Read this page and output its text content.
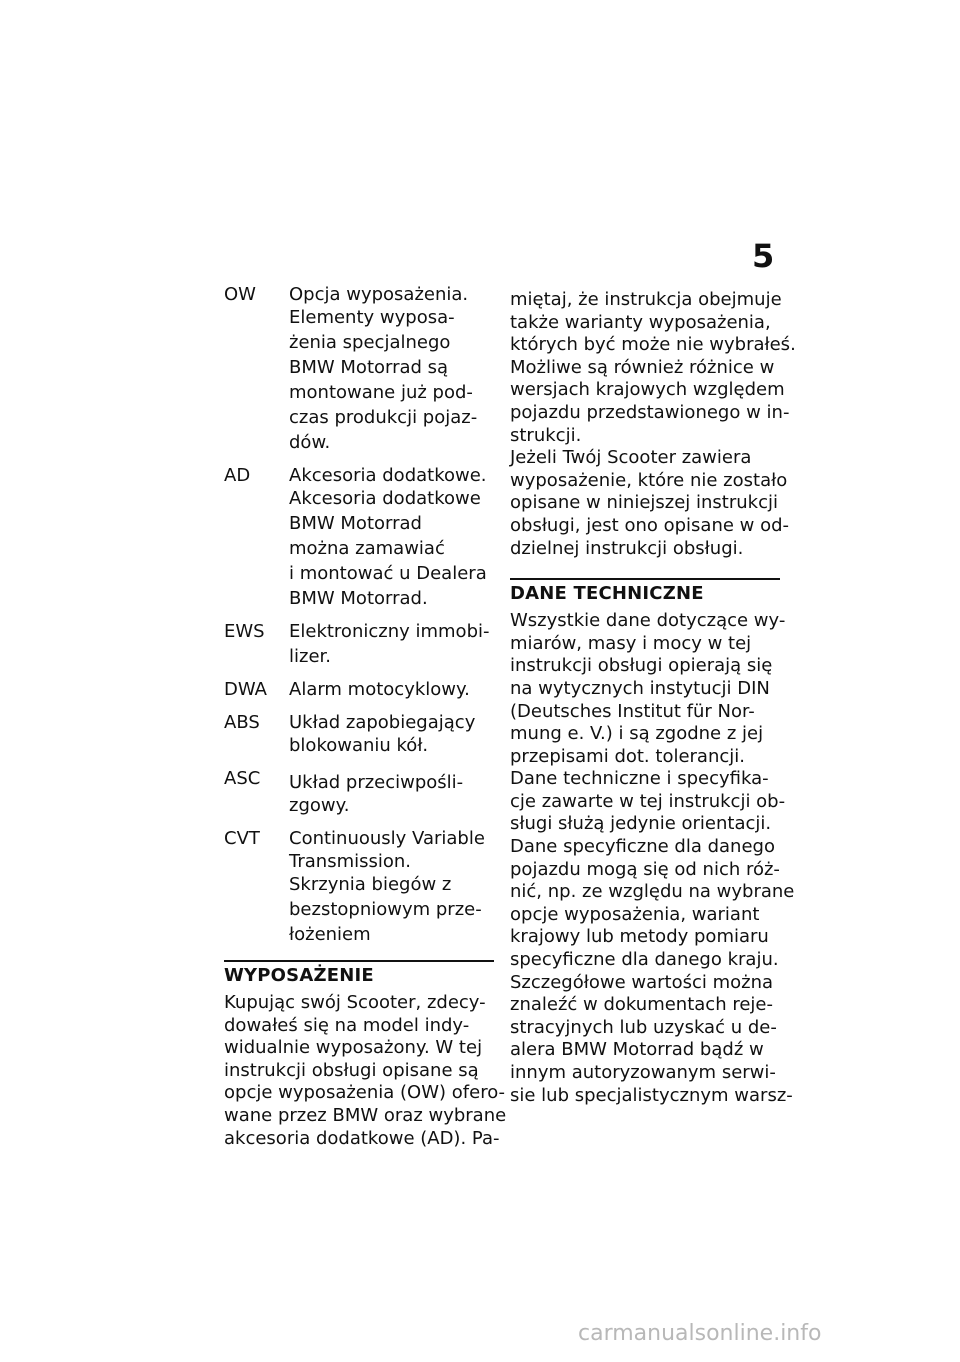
5
OW	Opcja wyposażenia.
Elementy wyposa-
żenia specjalnego
BMW Motorrad są
montowane już pod-
czas produkcji pojaz-
dów.
AD	Akcesoria dodatkowe.
Akcesoria dodatkowe
BMW Motorrad
można zamawiać
i montować u Dealera
BMW Motorrad.
EWS	Elektroniczny immobi-
lizer.
DWA	Alarm motocyklowy.
ABS	Układ zapobiegający
blokowaniu kół.
ASC	Układ przeciwpośli-
zgowy.
CVT	Continuously Variable
Transmission.
Skrzynia biegów z
bezstopniowym prze-
łożeniem
WYPOSAŻENIE
Kupując swój Scooter, zdecy-
dowałeś się na model indy-
widualnie wyposażony. W tej
instrukcji obsługi opisane są
opcje wyposażenia (OW) ofero-
wane przez BMW oraz wybrane
akcesoria dodatkowe (AD). Pa-
miętaj, że instrukcja obejmuje
także warianty wyposażenia,
których być może nie wybrałeś.
Możliwe są również różnice w
wersjach krajowych względem
pojazdu przedstawionego w in-
strukcji.
Jeżeli Twój Scooter zawiera
wyposażenie, które nie zostało
opisane w niniejszej instrukcji
obsługi, jest ono opisane w od-
dzielnej instrukcji obsługi.
DANE TECHNICZNE
Wszystkie dane dotyczące wy-
miarów, masy i mocy w tej
instrukcji obsługi opierają się
na wytycznych instytucji DIN
(Deutsches Institut für Nor-
mung e. V.) i są zgodne z jej
przepisami dot. tolerancji.
Dane techniczne i specyfika-
cje zawarte w tej instrukcji ob-
sługi służą jedynie orientacji.
Dane specyficzne dla danego
pojazdu mogą się od nich róż-
nić, np. ze względu na wybrane
opcje wyposażenia, wariant
krajowy lub metody pomiaru
specyficzne dla danego kraju.
Szczegółowe wartości można
znaleźć w dokumentach reje-
stracyjnych lub uzyskać u de-
alera BMW Motorrad bądź w
innym autoryzowanym serwi-
sie lub specjalistycznym warsz-
carmanualsonline.info
